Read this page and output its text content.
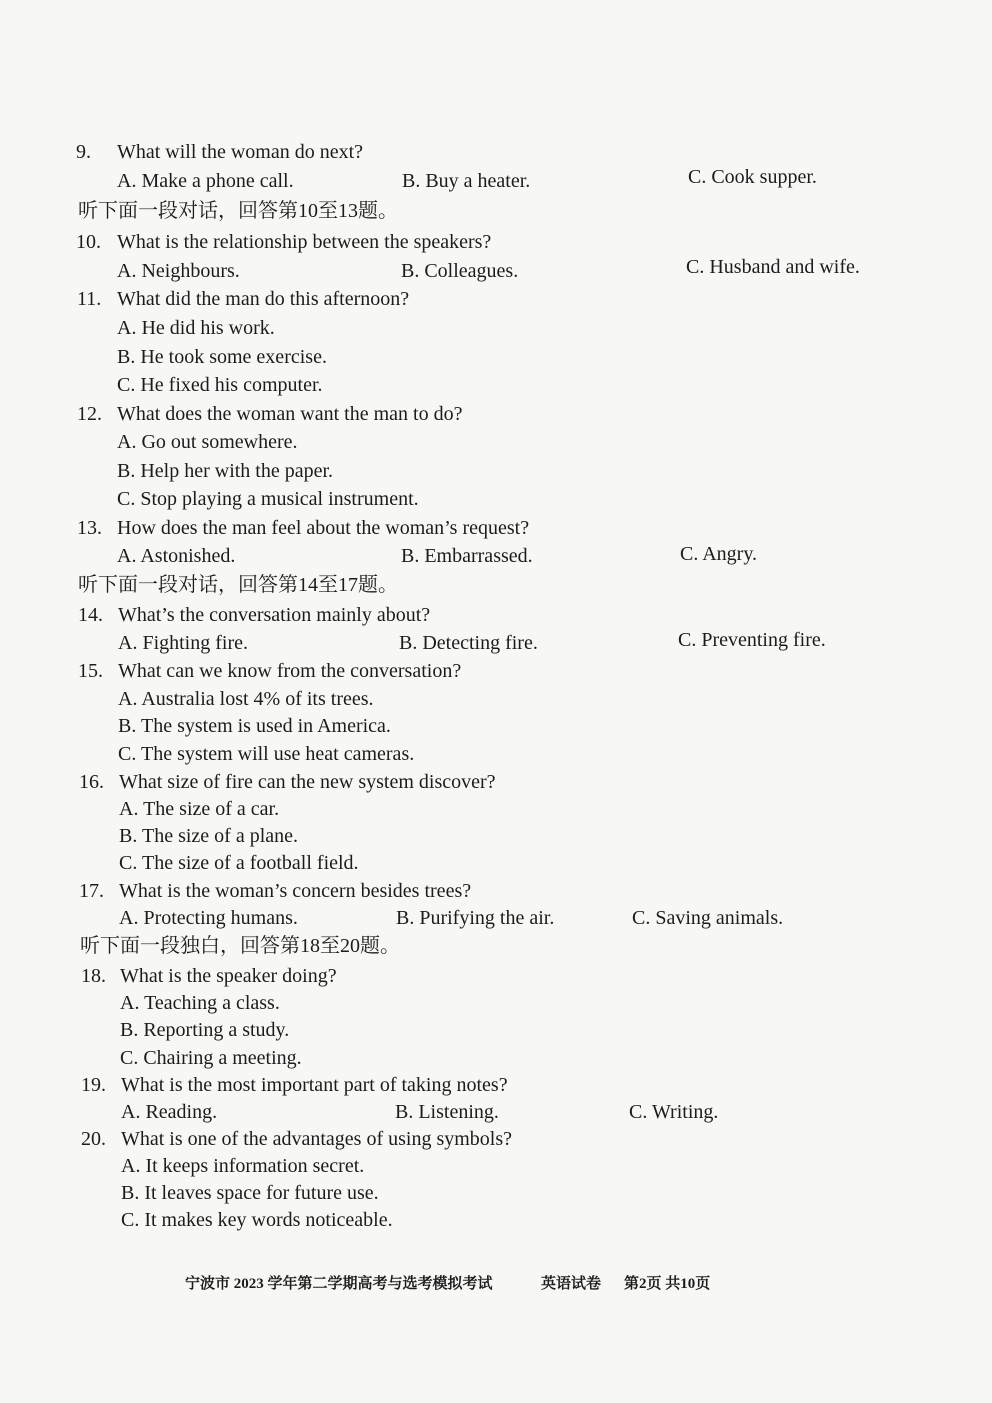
9. What will the woman do next?
A. Make a phone call.	B. Buy a heater.	C. Cook supper.
听下面一段对话，回答第10至13题。
10. What is the relationship between the speakers?
A. Neighbours.	B. Colleagues.	C. Husband and wife.
11. What did the man do this afternoon?
A. He did his work.
B. He took some exercise.
C. He fixed his computer.
12. What does the woman want the man to do?
A. Go out somewhere.
B. Help her with the paper.
C. Stop playing a musical instrument.
13. How does the man feel about the woman’s request?
A. Astonished.	B. Embarrassed.	C. Angry.
听下面一段对话，回答第14至17题。
14. What’s the conversation mainly about?
A. Fighting fire.	B. Detecting fire.	C. Preventing fire.
15. What can we know from the conversation?
A. Australia lost 4% of its trees.
B. The system is used in America.
C. The system will use heat cameras.
16. What size of fire can the new system discover?
A. The size of a car.
B. The size of a plane.
C. The size of a football field.
17. What is the woman’s concern besides trees?
A. Protecting humans.	B. Purifying the air.	C. Saving animals.
听下面一段独白，回答第18至20题。
18. What is the speaker doing?
A. Teaching a class.
B. Reporting a study.
C. Chairing a meeting.
19. What is the most important part of taking notes?
A. Reading.	B. Listening.	C. Writing.
20. What is one of the advantages of using symbols?
A. It keeps information secret.
B. It leaves space for future use.
C. It makes key words noticeable.
宁波市 2023 学年第二学期高考与选考模拟考试	英语试卷 第2页 共10页
